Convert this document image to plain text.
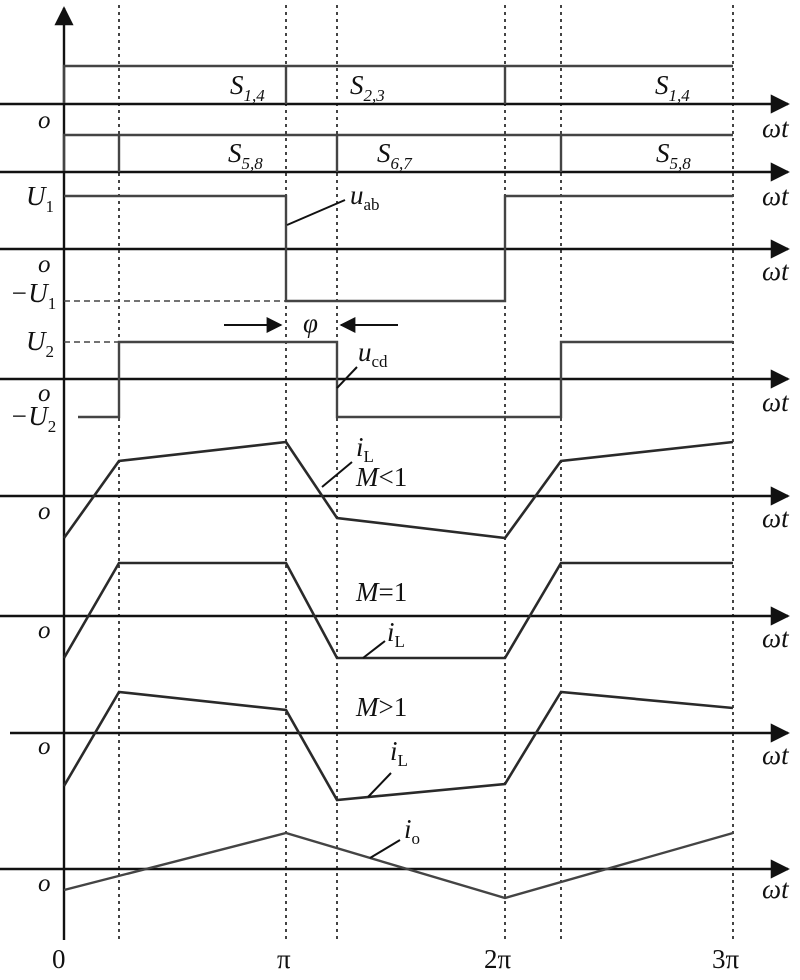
ωt
ωt
ωt
ωt
ωt
ωt
ωt
ωt
o
o
o
o
o
o
o
$S_{1,4}$	$S_{2,3}$	$S_{1,4}$
$S_{5,8}$	$S_{6,7}$	$S_{5,8}$
$u_{ab}$
$U_1$
$-U_1$
φ
$u_{cd}$
$U_2$
$-U_2$
$i_L$
M<1
$i_L$
M=1
$i_L$
M>1
$i_o$
0	π	2π	3π
